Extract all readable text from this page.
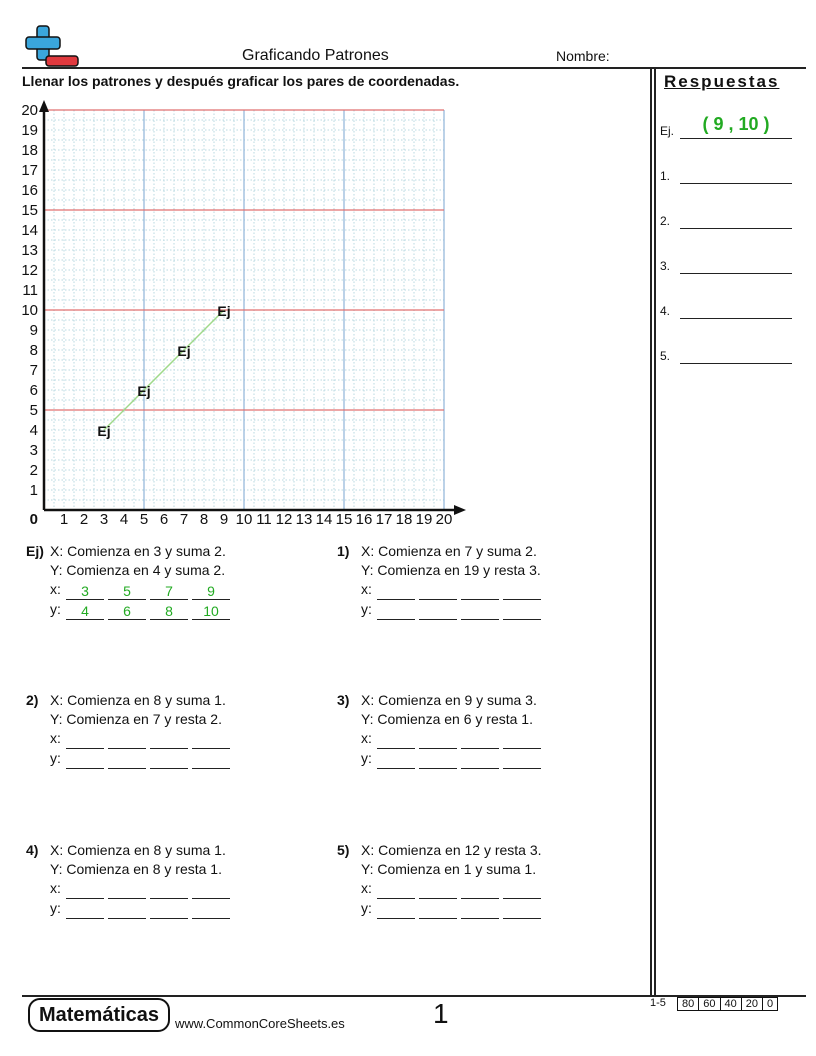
Graficando Patrones	Nombre:
Llenar los patrones y después graficar los pares de coordenadas.	Respuestas
Ej.	( 9 , 10 )
1.
2.
3.
4.
5.
0 1 2 3 4 5 6 7 8 9 10 11 12 13 14 15 16 17 18 19 20
1
2
3
4
5
6
7
8
9
10
11
12
13
14
15
16
17
18
19
20
Ej
Ej
Ej
Ej
Ej) X: Comienza en 3 y suma 2.
Y: Comienza en 4 y suma 2.
x: 3 5 7 9
y: 4 6 8 10
1) X: Comienza en 7 y suma 2.
Y: Comienza en 19 y resta 3.
x:
y:
2) X: Comienza en 8 y suma 1.
Y: Comienza en 7 y resta 2.
x:
y:
3) X: Comienza en 9 y suma 3.
Y: Comienza en 6 y resta 1.
x:
y:
4) X: Comienza en 8 y suma 1.
Y: Comienza en 8 y resta 1.
x:
y:
5) X: Comienza en 12 y resta 3.
Y: Comienza en 1 y suma 1.
x:
y:
Matemáticas	www.CommonCoreSheets.es	1	1-5	80 60 40 20 0
